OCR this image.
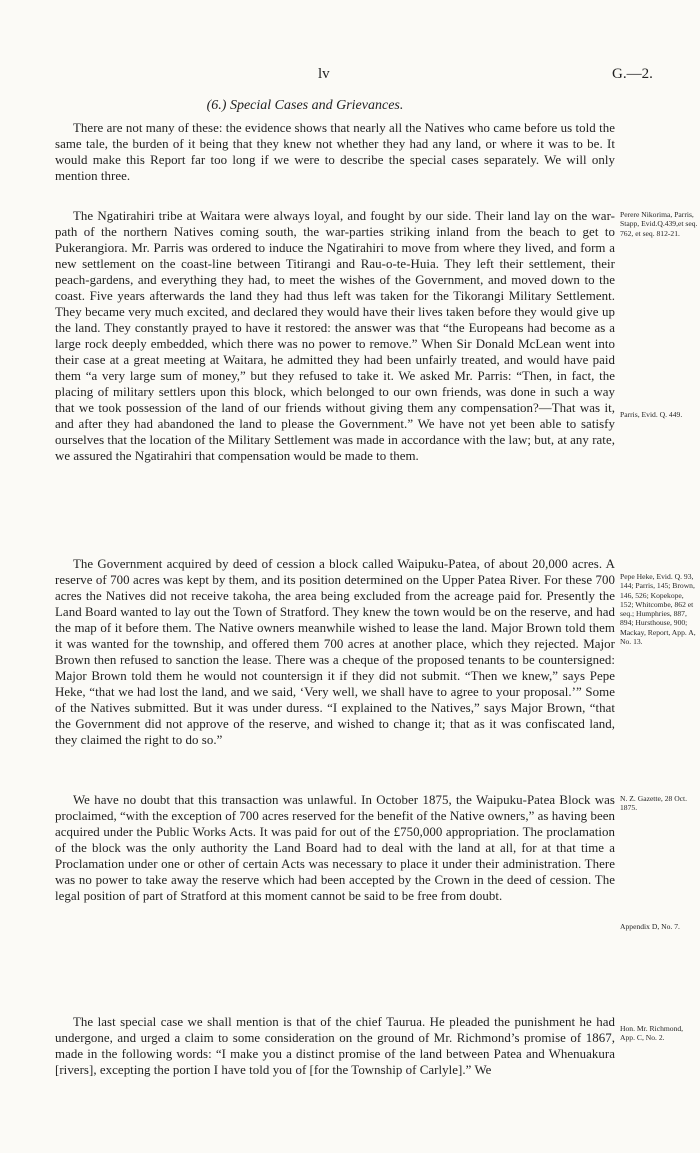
lv	G.—2.
(6.) Special Cases and Grievances.

There are not many of these: the evidence shows that nearly all the Natives who came before us told the same tale, the burden of it being that they knew not whether they had any land, or where it was to be. It would make this Report far too long if we were to describe the special cases separately. We will only mention three.

The Ngatirahiri tribe at Waitara were always loyal, and fought by our side. Their land lay on the war-path of the northern Natives coming south, the war-parties striking inland from the beach to get to Pukerangiora. Mr. Parris was ordered to induce the Ngatirahiri to move from where they lived, and form a new settlement on the coast-line between Titirangi and Rau-o-te-Huia. They left their settlement, their peach-gardens, and everything they had, to meet the wishes of the Government, and moved down to the coast. Five years afterwards the land they had thus left was taken for the Tikorangi Military Settlement. They became very much excited, and declared they would have their lives taken before they would give up the land. They constantly prayed to have it restored: the answer was that “the Europeans had become as a large rock deeply embedded, which there was no power to remove.” When Sir Donald McLean went into their case at a great meeting at Waitara, he admitted they had been unfairly treated, and would have paid them “a very large sum of money,” but they refused to take it. We asked Mr. Parris: “Then, in fact, the placing of military settlers upon this block, which belonged to our own friends, was done in such a way that we took possession of the land of our friends without giving them any compensation?—That was it, and after they had abandoned the land to please the Government.” We have not yet been able to satisfy ourselves that the location of the Military Settlement was made in accordance with the law; but, at any rate, we assured the Ngatirahiri that compensation would be made to them.

The Government acquired by deed of cession a block called Waipuku-Patea, of about 20,000 acres. A reserve of 700 acres was kept by them, and its position determined on the Upper Patea River. For these 700 acres the Natives did not receive takoha, the area being excluded from the acreage paid for. Presently the Land Board wanted to lay out the Town of Stratford. They knew the town would be on the reserve, and had the map of it before them. The Native owners meanwhile wished to lease the land. Major Brown told them it was wanted for the township, and offered them 700 acres at another place, which they rejected. Major Brown then refused to sanction the lease. There was a cheque of the proposed tenants to be countersigned: Major Brown told them he would not countersign it if they did not submit. “Then we knew,” says Pepe Heke, “that we had lost the land, and we said, ‘Very well, we shall have to agree to your proposal.’” Some of the Natives submitted. But it was under duress. “I explained to the Natives,” says Major Brown, “that the Government did not approve of the reserve, and wished to change it; that as it was confiscated land, they claimed the right to do so.”

We have no doubt that this transaction was unlawful. In October 1875, the Waipuku-Patea Block was proclaimed, “with the exception of 700 acres reserved for the benefit of the Native owners,” as having been acquired under the Public Works Acts. It was paid for out of the £750,000 appropriation. The proclamation of the block was the only authority the Land Board had to deal with the land at all, for at that time a Proclamation under one or other of certain Acts was necessary to place it under their administration. There was no power to take away the reserve which had been accepted by the Crown in the deed of cession. The legal position of part of Stratford at this moment cannot be said to be free from doubt.

The last special case we shall mention is that of the chief Taurua. He pleaded the punishment he had undergone, and urged a claim to some consideration on the ground of Mr. Richmond’s promise of 1867, made in the following words: “I make you a distinct promise of the land between Patea and Whenuakura [rivers], excepting the portion I have told you of [for the Township of Carlyle].” We

Perere Nikorima, Parris, Stapp, Evid.Q.439,et seq. 762, et seq. 812-21.
Parris, Evid. Q. 449.
Pepe Heke, Evid. Q. 93, 144; Parris, 145; Brown, 146, 526; Kopekope, 152; Whitcombe, 862 et seq.; Humphries, 887, 894; Hursthouse, 900; Mackay, Report, App. A, No. 13.
N. Z. Gazette, 28 Oct. 1875.
Appendix D, No. 7.
Hon. Mr. Richmond, App. C, No. 2.
